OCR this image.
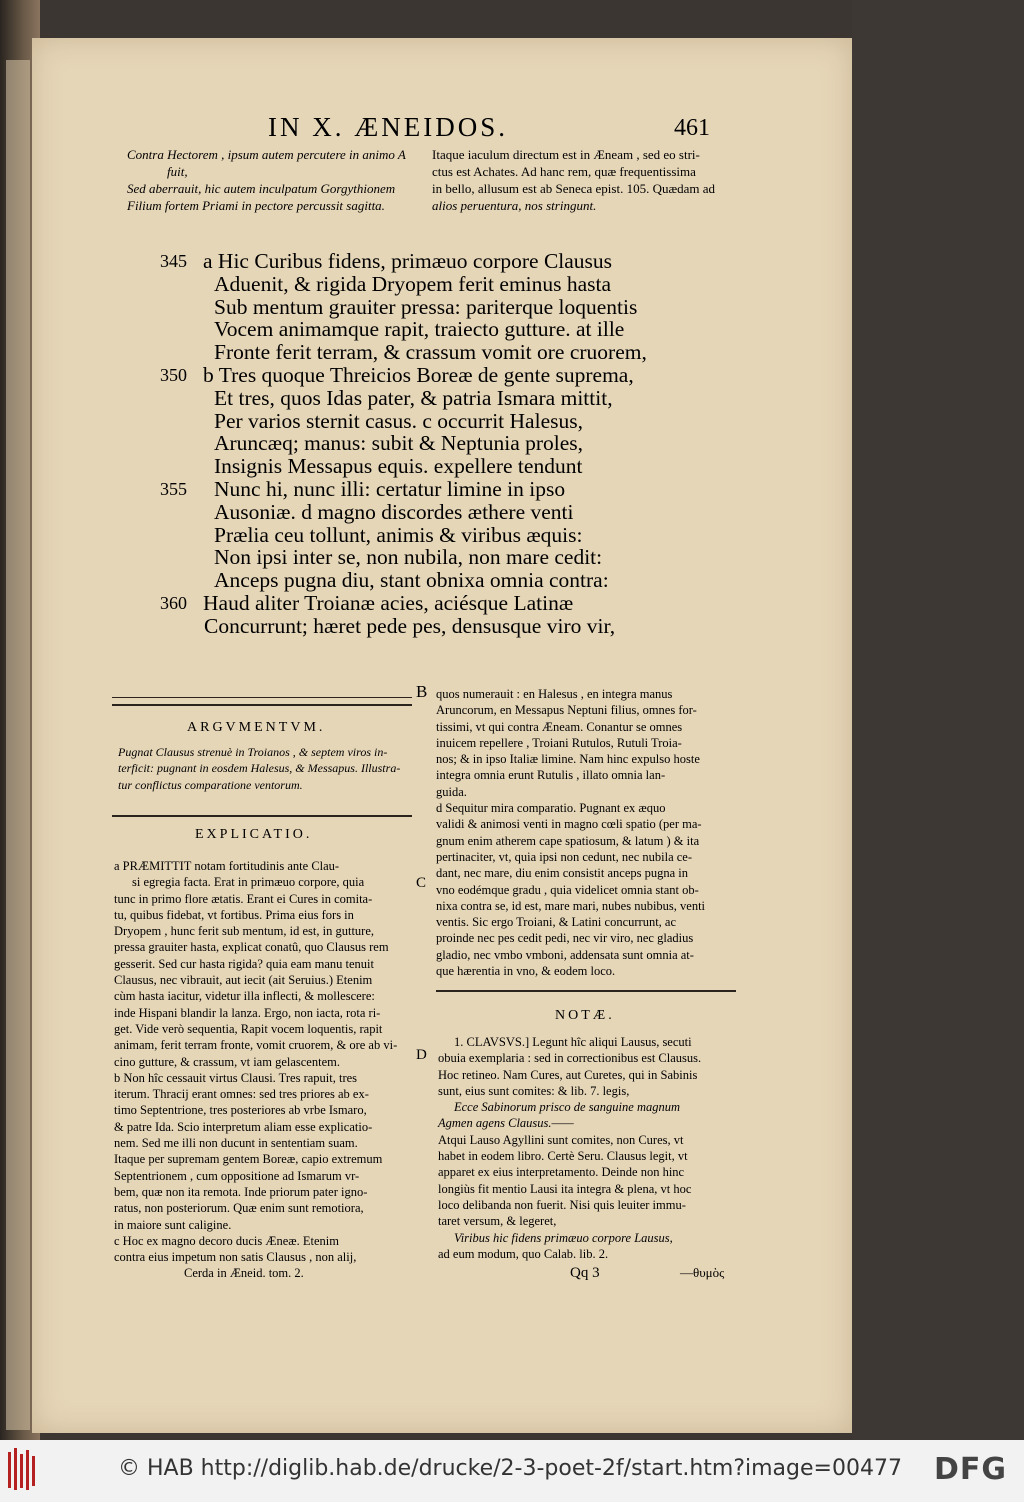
IN X. ÆNEIDOS.	461
Contra Hectorem , ipsum autem percutere in animo A
fuit,
Sed aberrauit, hic autem inculpatum Gorgythionem
Filium fortem Priami in pectore percussit sagitta.
Itaque iaculum directum est in Æneam , sed eo stri-
ctus est Achates. Ad hanc rem, quæ frequentissima
in bello, allusum est ab Seneca epist. 105. Quædam ad
alios peruentura, nos stringunt.
345 a Hic Curibus fidens, primæuo corpore Clausus
Aduenit, & rigida Dryopem ferit eminus hasta
Sub mentum grauiter pressa: pariterque loquentis
Vocem animamque rapit, traiecto gutture. at ille
Fronte ferit terram, & crassum vomit ore cruorem,
350 b Tres quoque Threicios Boreæ de gente suprema,
Et tres, quos Idas pater, & patria Ismara mittit,
Per varios sternit casus. c occurrit Halesus,
Aruncæq; manus: subit & Neptunia proles,
Insignis Messapus equis. expellere tendunt
355	Nunc hi, nunc illi: certatur limine in ipso
Ausoniæ. d magno discordes æthere venti
Prælia ceu tollunt, animis & viribus æquis:
Non ipsi inter se, non nubila, non mare cedit:
Anceps pugna diu, stant obnixa omnia contra:
360 Haud aliter Troianæ acies, aciésque Latinæ
Concurrunt; hæret pede pes, densusque viro vir,
ARGVMENTVM.

Pugnat Clausus strenuè in Troianos , & septem viros in-

terficit: pugnant in eosdem Halesus, & Messapus. Illustra-

tur conflictus comparatione ventorum.

EXPLICATIO.

a PRÆMITTIT notam fortitudinis ante Clau-

si egregia facta. Erat in primæuo corpore, quia

tunc in primo flore ætatis. Erant ei Cures in comita-

tu, quibus fidebat, vt fortibus. Prima eius fors in

Dryopem , hunc ferit sub mentum, id est, in gutture,

pressa grauiter hasta, explicat conatû, quo Clausus rem

gesserit. Sed cur hasta rigida? quia eam manu tenuit

Clausus, nec vibrauit, aut iecit (ait Seruius.) Etenim

cùm hasta iacitur, videtur illa inflecti, & mollescere:

inde Hispani blandir la lanza. Ergo, non iacta, rota ri-

get. Vide verò sequentia, Rapit vocem loquentis, rapit

animam, ferit terram fronte, vomit cruorem, & ore ab vi-

cino gutture, & crassum, vt iam gelascentem.

b Non hîc cessauit virtus Clausi. Tres rapuit, tres

iterum. Thracij erant omnes: sed tres priores ab ex-

timo Septentrione, tres posteriores ab vrbe Ismaro,

& patre Ida. Scio interpretum aliam esse explicatio-

nem. Sed me illi non ducunt in sententiam suam.

Itaque per supremam gentem Boreæ, capio extremum

Septentrionem , cum oppositione ad Ismarum vr-

bem, quæ non ita remota. Inde priorum pater igno-

ratus, non posteriorum. Quæ enim sunt remotiora,

in maiore sunt caligine.

c Hoc ex magno decoro ducis Æneæ. Etenim

contra eius impetum non satis Clausus , non alij,

Cerda in Æneid. tom. 2.

B
C
D

quos numerauit : en Halesus , en integra manus

Aruncorum, en Messapus Neptuni filius, omnes for-

tissimi, vt qui contra Æneam. Conantur se omnes

inuicem repellere , Troiani Rutulos, Rutuli Troia-

nos; & in ipso Italiæ limine. Nam hinc expulso hoste

integra omnia erunt Rutulis , illato omnia lan-

guida.

d Sequitur mira comparatio. Pugnant ex æquo

validi & animosi venti in magno cœli spatio (per ma-

gnum enim atherem cape spatiosum, & latum ) & ita

pertinaciter, vt, quia ipsi non cedunt, nec nubila ce-

dant, nec mare, diu enim consistit anceps pugna in

vno eodémque gradu , quia videlicet omnia stant ob-

nixa contra se, id est, mare mari, nubes nubibus, venti

ventis. Sic ergo Troiani, & Latini concurrunt, ac

proinde nec pes cedit pedi, nec vir viro, nec gladius

gladio, nec vmbo vmboni, addensata sunt omnia at-

que hærentia in vno, & eodem loco.

NOTÆ.

1. CLAVSVS.] Legunt hîc aliqui Lausus, secuti

obuia exemplaria : sed in correctionibus est Clausus.

Hoc retineo. Nam Cures, aut Curetes, qui in Sabinis

sunt, eius sunt comites: & lib. 7. legis,

Ecce Sabinorum prisco de sanguine magnum

Agmen agens Clausus.——

Atqui Lauso Agyllini sunt comites, non Cures, vt

habet in eodem libro. Certè Seru. Clausus legit, vt

apparet ex eius interpretamento. Deinde non hinc

longiùs fit mentio Lausi ita integra & plena, vt hoc

loco delibanda non fuerit. Nisi quis leuiter immu-

taret versum, & legeret,

Viribus hic fidens primæuo corpore Lausus,

ad eum modum, quo Calab. lib. 2.

Qq 3	—θυμὸς
© HAB http://diglib.hab.de/drucke/2-3-poet-2f/start.htm?image=00477 DFG
